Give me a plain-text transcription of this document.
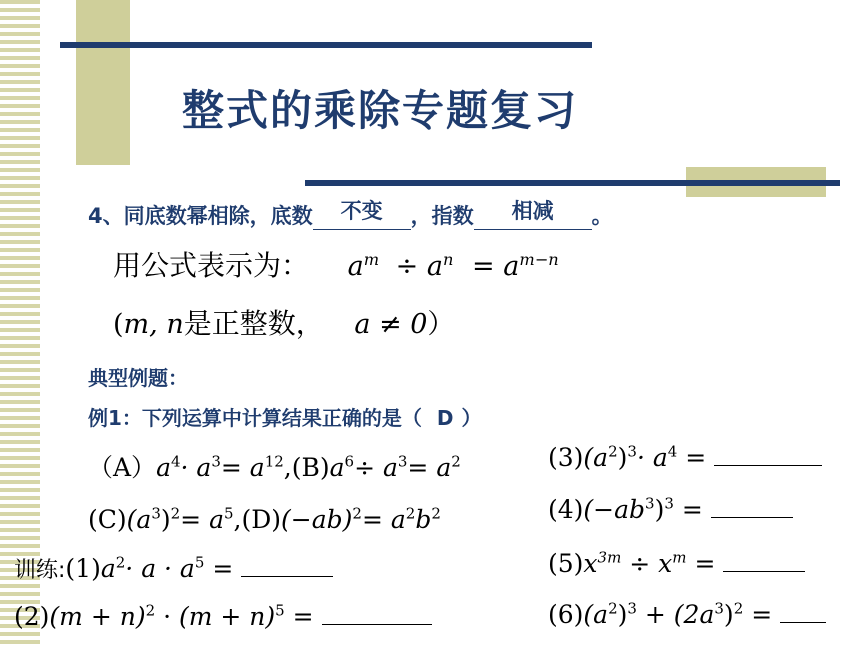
整式的乘除专题复习
4、同底数幂相除，底数	不变	，指数	相减	。
用公式表示为： $a^m \div a^n = a^{m-n}$
(m, n是正整数， a ≠ 0）
典型例题：
例1：下列运算中计算结果正确的是（ D ）
$(A)a^4\cdot a^3= a^{12},(B)a^6\div a^3= a^2$
$(C)(a^3)^2= a^5,(D)(-ab)^2= a^2b^2$
训练$:(1)a^2\cdot a \cdot a^5$ =
$(2)(m + n)^2 \cdot (m + n)^5$ =
$(3)(a^2)^3\cdot a^4$ =
$(4)(-ab^3)^3$ =
$(5)x^{3m} \div x^m$ =
$(6)(a^2)^3 + (2a^3)^2$ =
